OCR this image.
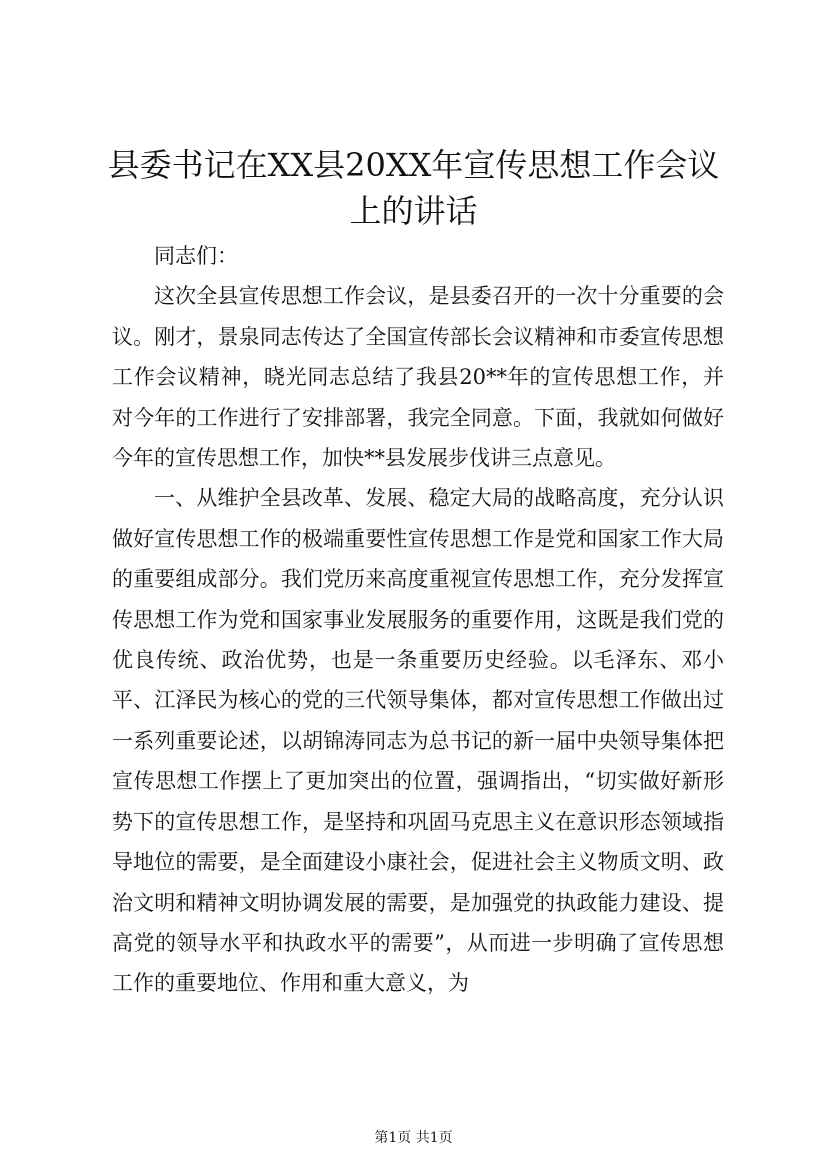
县委书记在XX县20XX年宣传思想工作会议上的讲话

同志们：

这次全县宣传思想工作会议，是县委召开的一次十分重要的会议。刚才，景泉同志传达了全国宣传部长会议精神和市委宣传思想工作会议精神，晓光同志总结了我县20**年的宣传思想工作，并对今年的工作进行了安排部署，我完全同意。下面，我就如何做好今年的宣传思想工作，加快**县发展步伐讲三点意见。

一、从维护全县改革、发展、稳定大局的战略高度，充分认识做好宣传思想工作的极端重要性宣传思想工作是党和国家工作大局的重要组成部分。我们党历来高度重视宣传思想工作，充分发挥宣传思想工作为党和国家事业发展服务的重要作用，这既是我们党的优良传统、政治优势，也是一条重要历史经验。以毛泽东、邓小平、江泽民为核心的党的三代领导集体，都对宣传思想工作做出过一系列重要论述，以胡锦涛同志为总书记的新一届中央领导集体把宣传思想工作摆上了更加突出的位置，强调指出，“切实做好新形势下的宣传思想工作，是坚持和巩固马克思主义在意识形态领域指导地位的需要，是全面建设小康社会，促进社会主义物质文明、政治文明和精神文明协调发展的需要，是加强党的执政能力建设、提高党的领导水平和执政水平的需要”，从而进一步明确了宣传思想工作的重要地位、作用和重大意义，为

第1页 共1页
